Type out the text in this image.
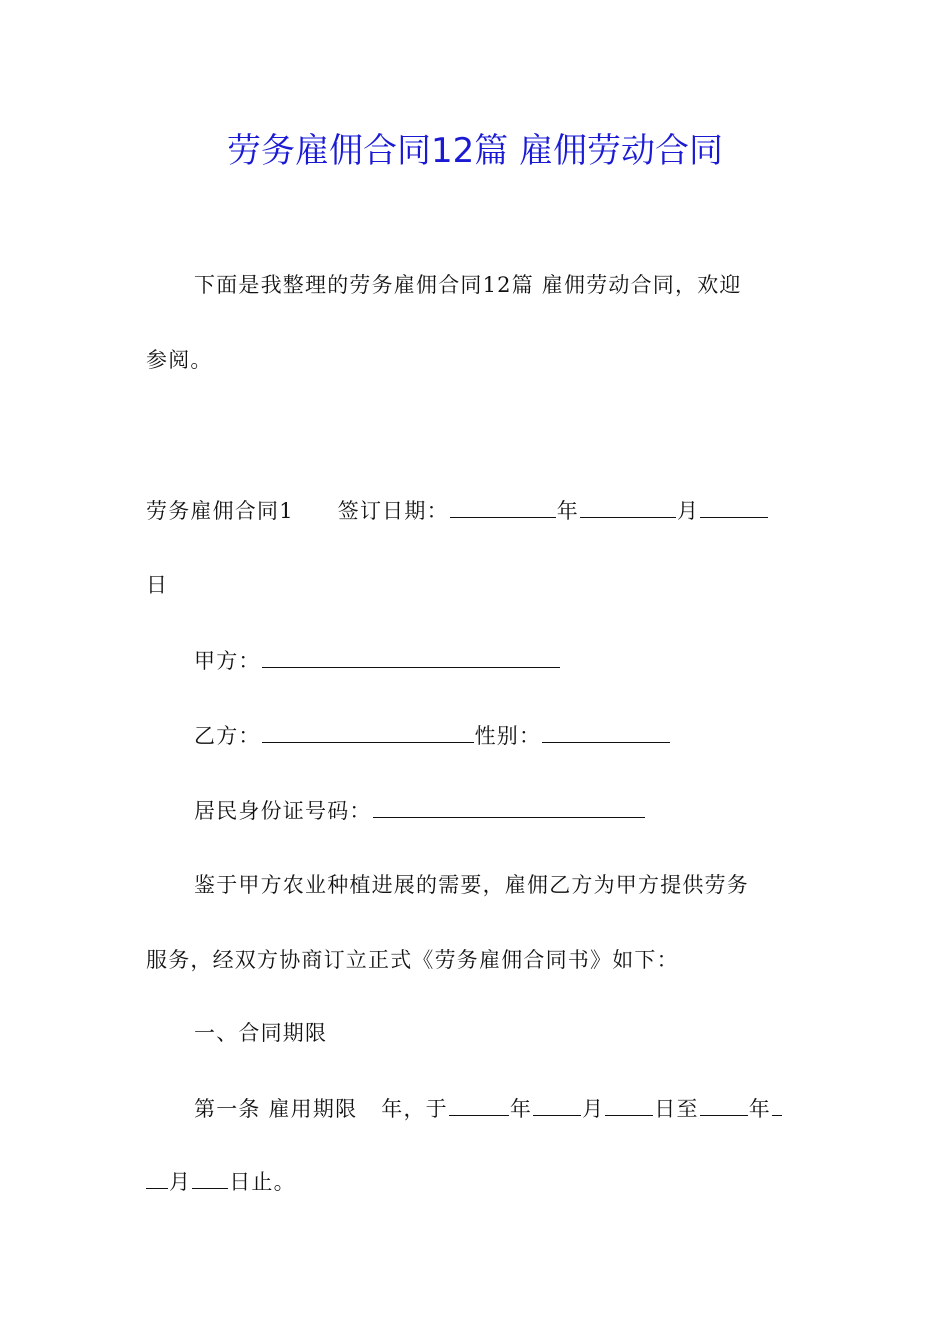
劳务雇佣合同12篇 雇佣劳动合同
下面是我整理的劳务雇佣合同12篇 雇佣劳动合同，欢迎
参阅。
劳务雇佣合同1 签订日期：	年	月
日
甲方：
乙方：	性别：
居民身份证号码：
鉴于甲方农业种植进展的需要，雇佣乙方为甲方提供劳务
服务，经双方协商订立正式《劳务雇佣合同书》如下：
一、合同期限
第一条 雇用期限 年，于	年 月 日至 年
月 日止。
